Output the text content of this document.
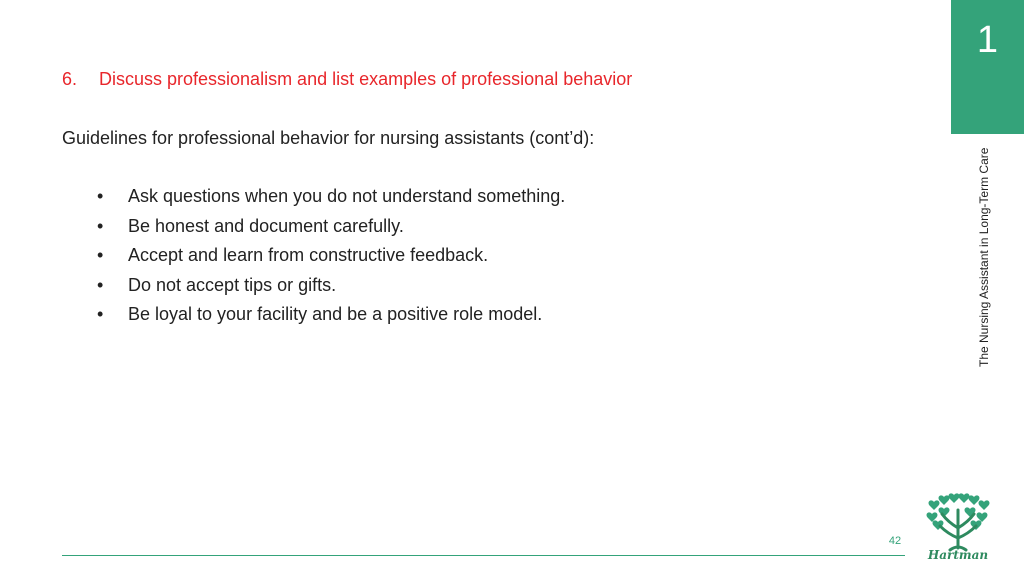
1
The Nursing Assistant in Long-Term Care
6. Discuss professionalism and list examples of professional behavior
Guidelines for professional behavior for nursing assistants (cont’d):
•	Ask questions when you do not understand something.
•	Be honest and document carefully.
•	Accept and learn from constructive feedback.
•	Do not accept tips or gifts.
•	Be loyal to your facility and be a positive role model.
42
Hartman
